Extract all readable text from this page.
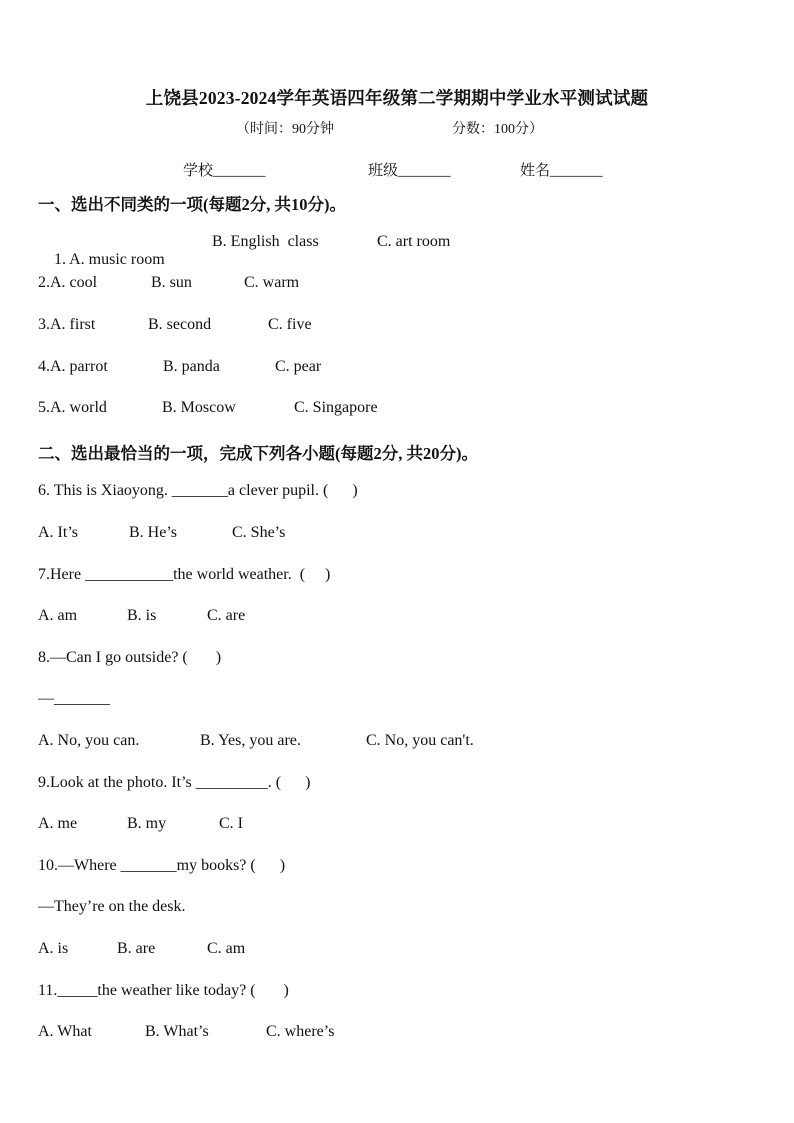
上饶县2023-2024学年英语四年级第二学期期中学业水平测试试题
（时间：90分钟	分数：100分）
学校_______	班级_______	姓名_______
一、选出不同类的一项(每题2分, 共10分)。

1. A. music room

B. English  class	C. art room
2.A. cool	B. sun	C. warm
3.A. first	B. second	C. five
4.A. parrot	B. panda	C. pear
5.A. world	B. Moscow	C. Singapore
二、选出最恰当的一项，完成下列各小题(每题2分, 共20分)。
6. This is Xiaoyong. _______a clever pupil. (      )
A. It’s	B. He’s	C. She’s
7.Here ___________the world weather.  (     )
A. am	B. is	C. are
8.—Can I go outside? (       )
—_______
A. No, you can.	B. Yes, you are.	C. No, you can't.
9.Look at the photo. It’s _________. (      )
A. me	B. my	C. I
10.—Where _______my books? (      )
—They’re on the desk.
A. is	B. are	C. am
11._____the weather like today? (       )
A. What	B. What’s	C. where’s
